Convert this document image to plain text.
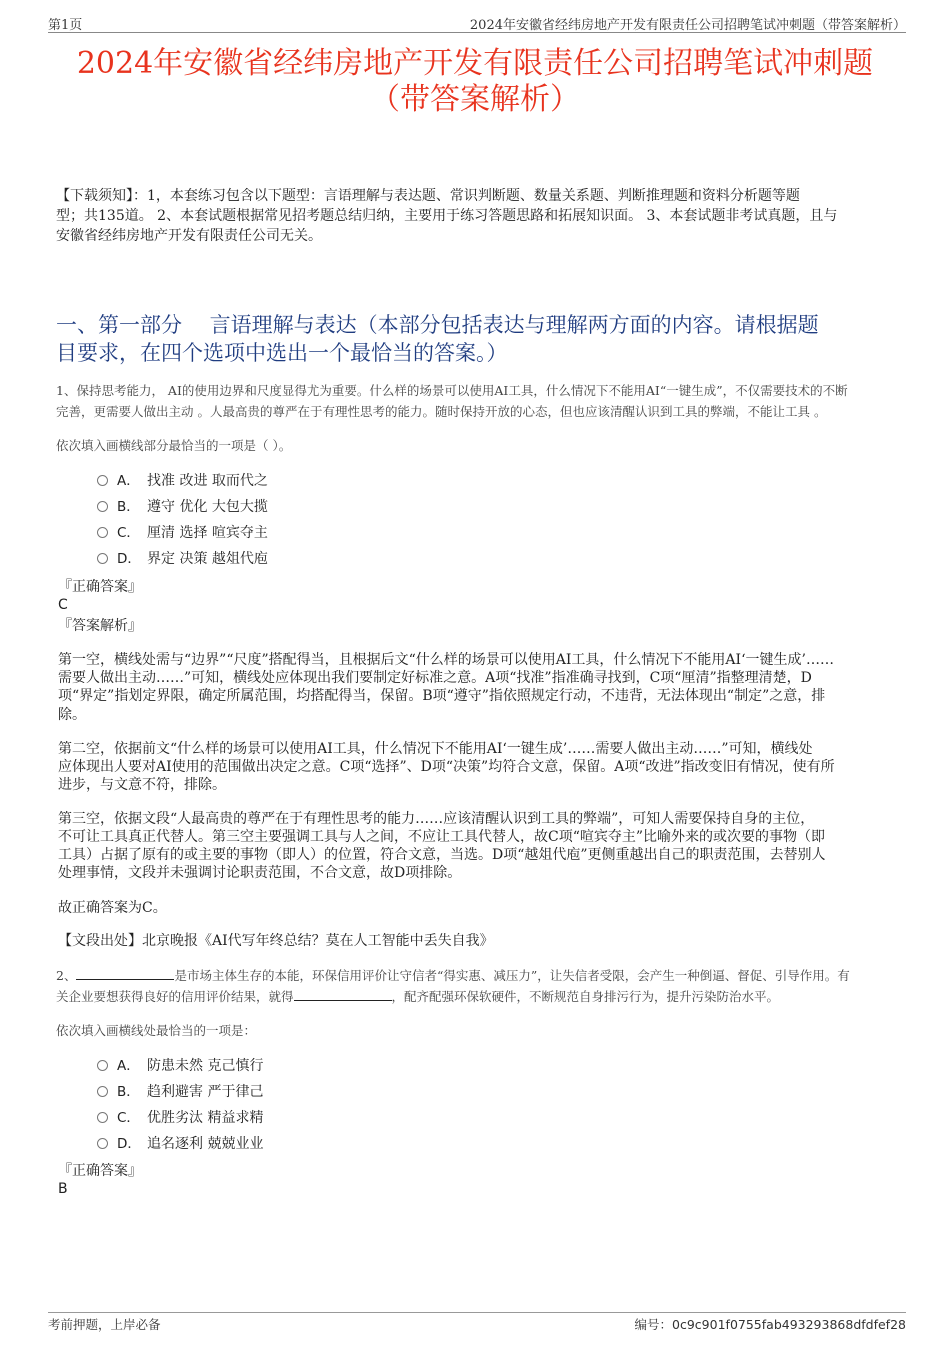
第1页	2024年安徽省经纬房地产开发有限责任公司招聘笔试冲刺题（带答案解析）
2024年安徽省经纬房地产开发有限责任公司招聘笔试冲刺题
（带答案解析）
【下载须知】：1，本套练习包含以下题型：言语理解与表达题、常识判断题、数量关系题、判断推理题和资料分析题等题
型；共135道。 2、本套试题根据常见招考题总结归纳，主要用于练习答题思路和拓展知识面。 3、本套试题非考试真题，且与
安徽省经纬房地产开发有限责任公司无关。
一、第一部分　 言语理解与表达（本部分包括表达与理解两方面的内容。请根据题
目要求，在四个选项中选出一个最恰当的答案。）
1、保持思考能力， AI的使用边界和尺度显得尤为重要。什么样的场景可以使用AI工具，什么情况下不能用AI“一键生成”，不仅需要技术的不断
完善，更需要人做出主动 。人最高贵的尊严在于有理性思考的能力。随时保持开放的心态，但也应该清醒认识到工具的弊端，不能让工具 。
依次填入画横线部分最恰当的一项是（ ）。
A． 找准 改进 取而代之
B． 遵守 优化 大包大揽
C． 厘清 选择 喧宾夺主
D． 界定 决策 越俎代庖
『正确答案』
C
『答案解析』
第一空，横线处需与“边界”“尺度”搭配得当，且根据后文“什么样的场景可以使用AI工具，什么情况下不能用AI‘一键生成’……
需要人做出主动……”可知，横线处应体现出我们要制定好标准之意。A项“找准”指准确寻找到，C项“厘清”指整理清楚，D
项“界定”指划定界限，确定所属范围，均搭配得当，保留。B项“遵守”指依照规定行动，不违背，无法体现出“制定”之意，排
除。
第二空，依据前文“什么样的场景可以使用AI工具，什么情况下不能用AI‘一键生成’……需要人做出主动……”可知，横线处
应体现出人要对AI使用的范围做出决定之意。C项“选择”、D项“决策”均符合文意，保留。A项“改进”指改变旧有情况，使有所
进步，与文意不符，排除。
第三空，依据文段“人最高贵的尊严在于有理性思考的能力……应该清醒认识到工具的弊端”，可知人需要保持自身的主位，
不可让工具真正代替人。第三空主要强调工具与人之间，不应让工具代替人，故C项“喧宾夺主”比喻外来的或次要的事物（即
工具）占据了原有的或主要的事物（即人）的位置，符合文意，当选。D项“越俎代庖”更侧重越出自己的职责范围，去替别人
处理事情，文段并未强调讨论职责范围，不合文意，故D项排除。
故正确答案为C。
【文段出处】北京晚报《AI代写年终总结？莫在人工智能中丢失自我》
2、	是市场主体生存的本能，环保信用评价让守信者“得实惠、减压力”，让失信者受限，会产生一种倒逼、督促、引导作用。有
关企业要想获得良好的信用评价结果，就得	，配齐配强环保软硬件，不断规范自身排污行为，提升污染防治水平。
依次填入画横线处最恰当的一项是：
A． 防患未然 克己慎行
B． 趋利避害 严于律己
C． 优胜劣汰 精益求精
D． 追名逐利 兢兢业业
『正确答案』
B
考前押题，上岸必备	编号：0c9c901f0755fab493293868dfdfef28
